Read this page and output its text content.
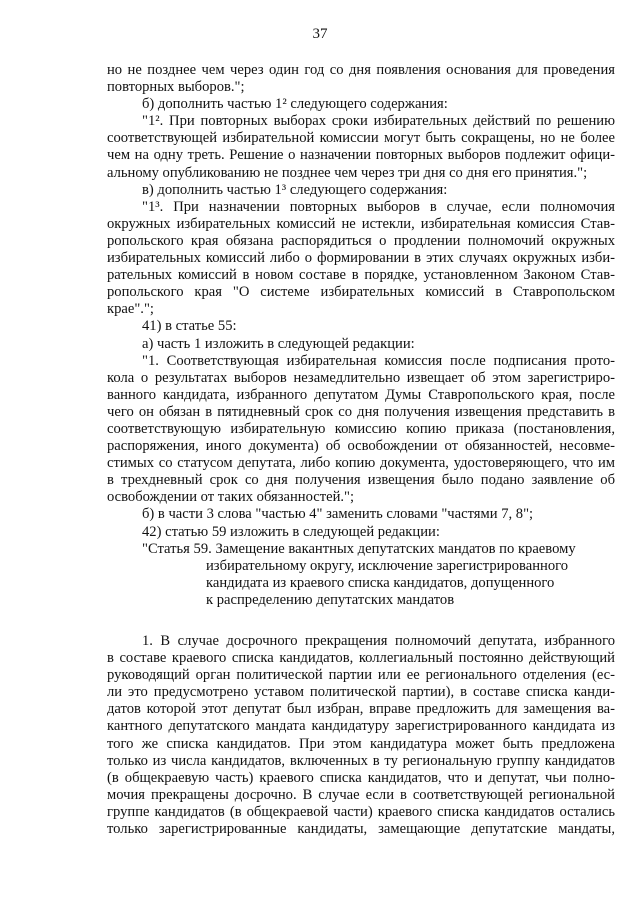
37
но не позднее чем через один год со дня появления основания для проведения
повторных выборов.";
б) дополнить частью 1² следующего содержания:
"1². При повторных выборах сроки избирательных действий по решению
соответствующей избирательной комиссии могут быть сокращены, но не более
чем на одну треть. Решение о назначении повторных выборов подлежит офици-
альному опубликованию не позднее чем через три дня со дня его принятия.";
в) дополнить частью 1³ следующего содержания:
"1³. При назначении повторных выборов в случае, если полномочия
окружных избирательных комиссий не истекли, избирательная комиссия Став-
ропольского края обязана распорядиться о продлении полномочий окружных
избирательных комиссий либо о формировании в этих случаях окружных изби-
рательных комиссий в новом составе в порядке, установленном Законом Став-
ропольского края "О системе избирательных комиссий в Ставропольском
крае".";
41) в статье 55:
а) часть 1 изложить в следующей редакции:
"1. Соответствующая избирательная комиссия после подписания прото-
кола о результатах выборов незамедлительно извещает об этом зарегистриро-
ванного кандидата, избранного депутатом Думы Ставропольского края, после
чего он обязан в пятидневный срок со дня получения извещения представить в
соответствующую избирательную комиссию копию приказа (постановления,
распоряжения, иного документа) об освобождении от обязанностей, несовме-
стимых со статусом депутата, либо копию документа, удостоверяющего, что им
в трехдневный срок со дня получения извещения было подано заявление об
освобождении от таких обязанностей.";
б) в части 3 слова "частью 4" заменить словами "частями 7, 8";
42) статью 59 изложить в следующей редакции:
"Статья 59. Замещение вакантных депутатских мандатов по краевому
избирательному округу, исключение зарегистрированного
кандидата из краевого списка кандидатов, допущенного
к распределению депутатских мандатов
1. В случае досрочного прекращения полномочий депутата, избранного
в составе краевого списка кандидатов, коллегиальный постоянно действующий
руководящий орган политической партии или ее регионального отделения (ес-
ли это предусмотрено уставом политической партии), в составе списка канди-
датов которой этот депутат был избран, вправе предложить для замещения ва-
кантного депутатского мандата кандидатуру зарегистрированного кандидата из
того же списка кандидатов. При этом кандидатура может быть предложена
только из числа кандидатов, включенных в ту региональную группу кандидатов
(в общекраевую часть) краевого списка кандидатов, что и депутат, чьи полно-
мочия прекращены досрочно. В случае если в соответствующей региональной
группе кандидатов (в общекраевой части) краевого списка кандидатов остались
только зарегистрированные кандидаты, замещающие депутатские мандаты,
